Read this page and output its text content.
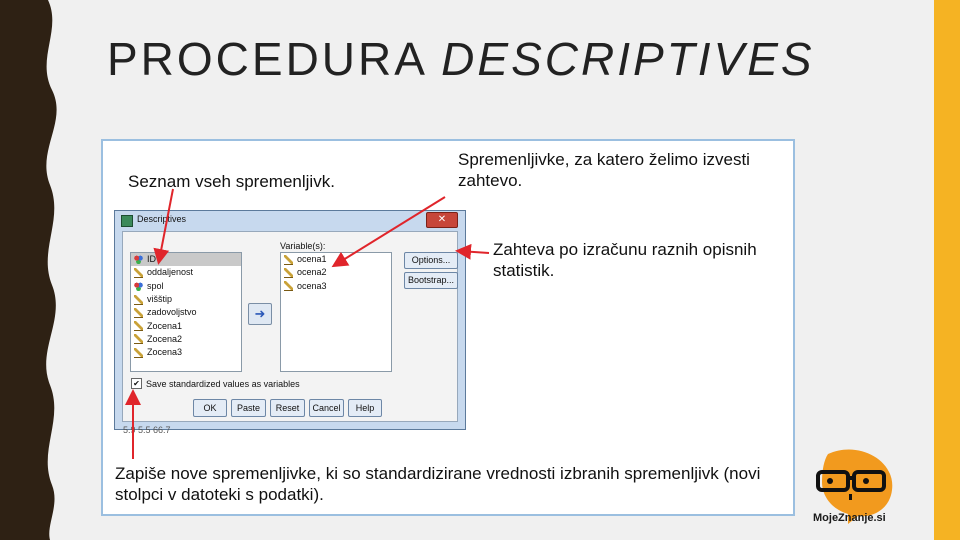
PROCEDURA DESCRIPTIVES
Spremenljivke, za katero želimo izvesti zahtevo.
Seznam vseh spremenljivk.
Zahteva po izračunu raznih opisnih statistik.
Descriptives	✕
ID
oddaljenost
spol
višštip
zadovoljstvo
Zocena1
Zocena2
Zocena3
Variable(s):
ocena1
ocena2
ocena3
➜
Options...
Bootstrap...
✔ Save standardized values as variables
OK	Paste	Reset	Cancel	Help
5.9 5.5 66.7
Zapiše nove spremenljivke, ki so standardizirane vrednosti izbranih spremenljivk (novi stolpci v datoteki s podatki).
MojeZnanje.si
